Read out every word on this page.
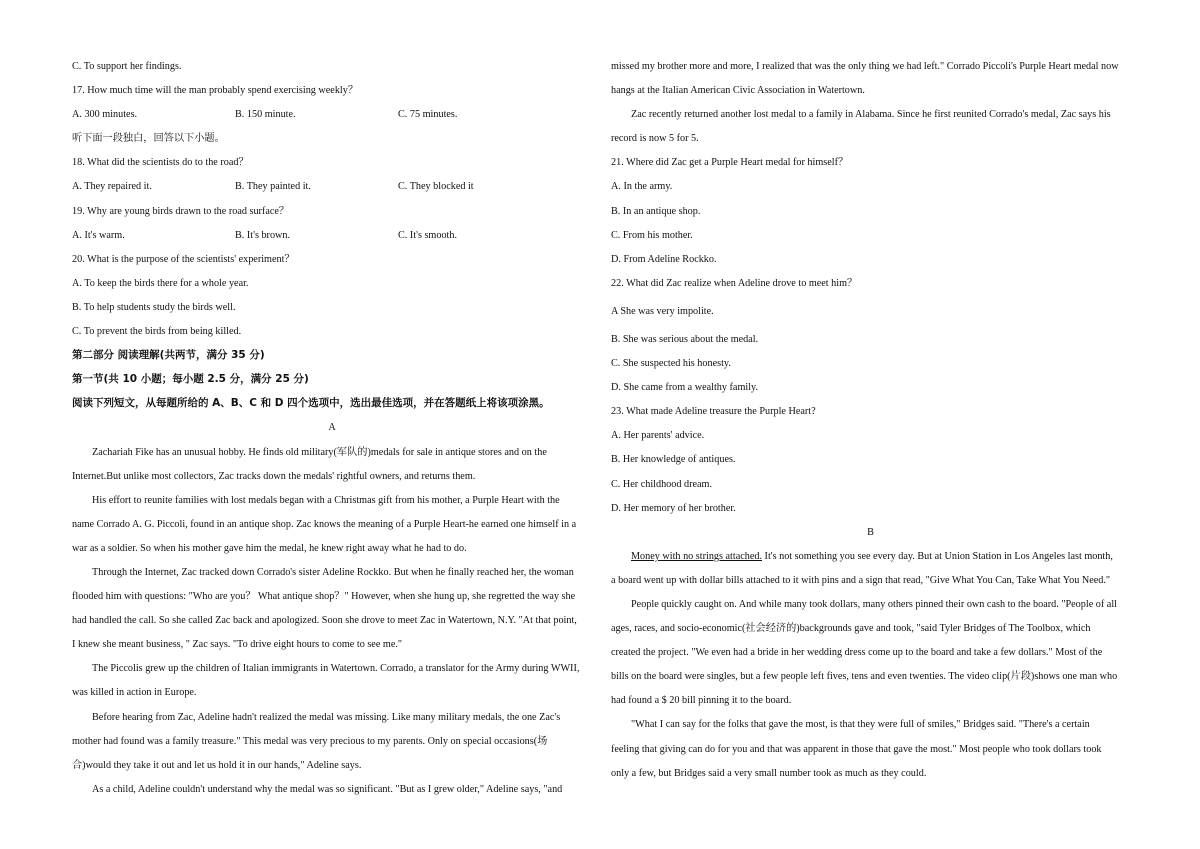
C. To support her findings.
17. How much time will the man probably spend exercising weekly？
A. 300 minutes.	B. 150 minute.	C. 75 minutes.
听下面一段独白，回答以下小题。
18. What did the scientists do to the road？
A. They repaired it.	B. They painted it.	C. They blocked it
19. Why are young birds drawn to the road surface？
A. It's warm.	B. It's brown.	C. It's smooth.
20. What is the purpose of the scientists' experiment？
A. To keep the birds there for a whole year.
B. To help students study the birds well.
C. To prevent the birds from being killed.
第二部分 阅读理解(共两节，满分 35 分)
第一节(共 10 小题；每小题 2.5 分，满分 25 分)
阅读下列短文，从每题所给的 A、B、C 和 D 四个选项中，选出最佳选项，并在答题纸上将该项涂黑。
A
Zachariah Fike has an unusual hobby. He finds old military(军队的)medals for sale in antique stores and on the
Internet.But unlike most collectors, Zac tracks down the medals' rightful owners, and returns them.
His effort to reunite families with lost medals began with a Christmas gift from his mother, a Purple Heart with the
name Corrado A. G. Piccoli, found in an antique shop. Zac knows the meaning of a Purple Heart-he earned one himself in a
war as a soldier. So when his mother gave him the medal, he knew right away what he had to do.
Through the Internet, Zac tracked down Corrado's sister Adeline Rockko. But when he finally reached her, the woman
flooded him with questions: "Who are you？ What antique shop？" However, when she hung up, she regretted the way she
had handled the call. So she called Zac back and apologized. Soon she drove to meet Zac in Watertown, N.Y. "At that point,
I knew she meant business, " Zac says. "To drive eight hours to come to see me."
The Piccolis grew up the children of Italian immigrants in Watertown. Corrado, a translator for the Army during WWII,
was killed in action in Europe.
Before hearing from Zac, Adeline hadn't realized the medal was missing. Like many military medals, the one Zac's
mother had found was a family treasure." This medal was very precious to my parents. Only on special occasions(场
合)would they take it out and let us hold it in our hands," Adeline says.
As a child, Adeline couldn't understand why the medal was so significant. "But as I grew older," Adeline says, "and
missed my brother more and more, I realized that was the only thing we had left." Corrado Piccoli's Purple Heart medal now
hangs at the Italian American Civic Association in Watertown.
Zac recently returned another lost medal to a family in Alabama. Since he first reunited Corrado's medal, Zac says his
record is now 5 for 5.
21. Where did Zac get a Purple Heart medal for himself？
A. In the army.
B. In an antique shop.
C. From his mother.
D. From Adeline Rockko.
22. What did Zac realize when Adeline drove to meet him？
A She was very impolite.
B. She was serious about the medal.
C. She suspected his honesty.
D. She came from a wealthy family.
23. What made Adeline treasure the Purple Heart?
A. Her parents' advice.
B. Her knowledge of antiques.
C. Her childhood dream.
D. Her memory of her brother.
B
Money with no strings attached. It's not something you see every day. But at Union Station in Los Angeles last month,
a board went up with dollar bills attached to it with pins and a sign that read, "Give What You Can, Take What You Need."
People quickly caught on. And while many took dollars, many others pinned their own cash to the board. "People of all
ages, races, and socio-economic(社会经济的)backgrounds gave and took, "said Tyler Bridges of The Toolbox, which
created the project. "We even had a bride in her wedding dress come up to the board and take a few dollars." Most of the
bills on the board were singles, but a few people left fives, tens and even twenties. The video clip(片段)shows one man who
had found a $ 20 bill pinning it to the board.
"What I can say for the folks that gave the most, is that they were full of smiles," Bridges said. "There's a certain
feeling that giving can do for you and that was apparent in those that gave the most." Most people who took dollars took
only a few, but Bridges said a very small number took as much as they could.
